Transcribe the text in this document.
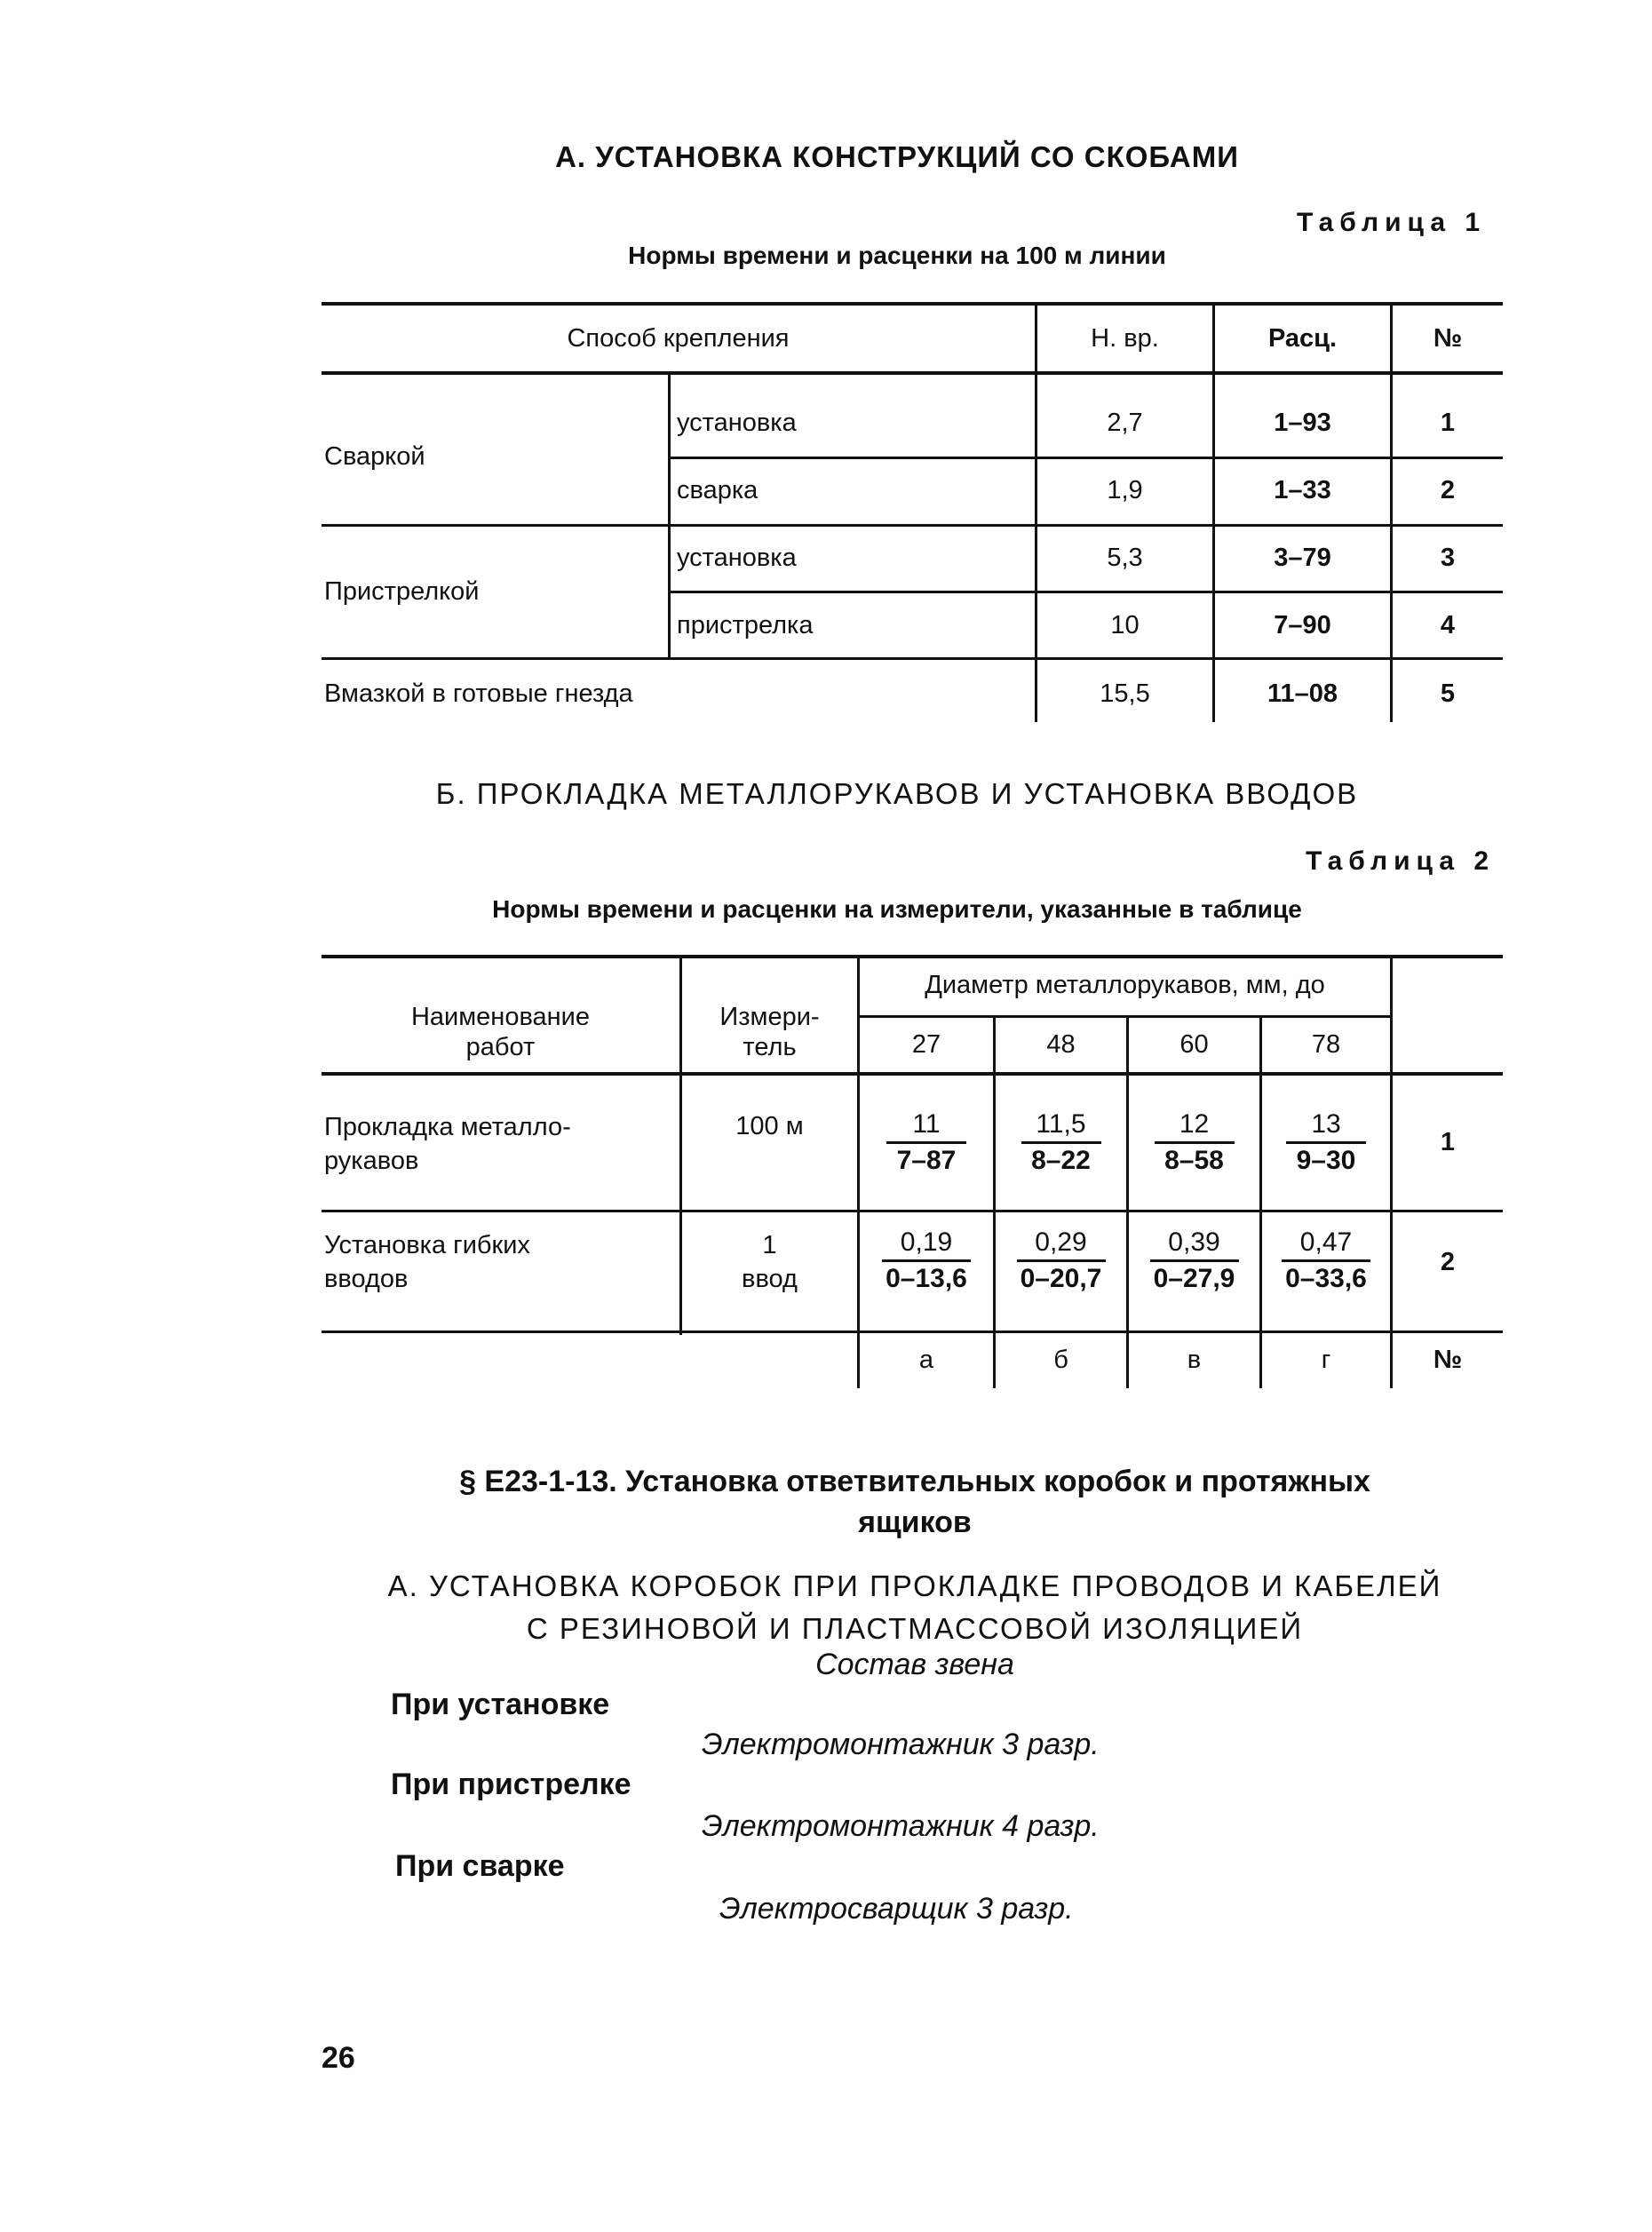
А. УСТАНОВКА КОНСТРУКЦИЙ СО СКОБАМИ
Таблица 1
Нормы времени и расценки на 100 м линии
Способ крепления	Н. вр.	Расц.	№
Сваркой
установка	2,7	1–93	1
сварка	1,9	1–33	2
Пристрелкой
установка	5,3	3–79	3
пристрелка	10	7–90	4
Вмазкой в готовые гнезда	15,5	11–08	5
Б. ПРОКЛАДКА МЕТАЛЛОРУКАВОВ И УСТАНОВКА ВВОДОВ
Таблица 2
Нормы времени и расценки на измерители, указанные в таблице
Наименование
работ
Измери-
тель
Диаметр металлорукавов, мм, до
27	48	60	78
Прокладка металло-
рукавов
100 м	$\frac{11}{7-87} \frac{11,5}{8-22} \frac{12}{8-58} \frac{13}{9-30}$	1
Установка гибких
вводов
1
ввод	$\frac{0,19}{0-13,6} \frac{0,29}{0-20,7} \frac{0,39}{0-27,9} \frac{0,47}{0-33,6}$	2
а	б	в	г	№
§ Е23-1-13. Установка ответвительных коробок и протяжных
ящиков
А. УСТАНОВКА КОРОБОК ПРИ ПРОКЛАДКЕ ПРОВОДОВ И КАБЕЛЕЙ
С РЕЗИНОВОЙ И ПЛАСТМАССОВОЙ ИЗОЛЯЦИЕЙ
Состав звена
При установке
Электромонтажник 3 разр.
При пристрелке
Электромонтажник 4 разр.
При сварке
Электросварщик 3 разр.
26
